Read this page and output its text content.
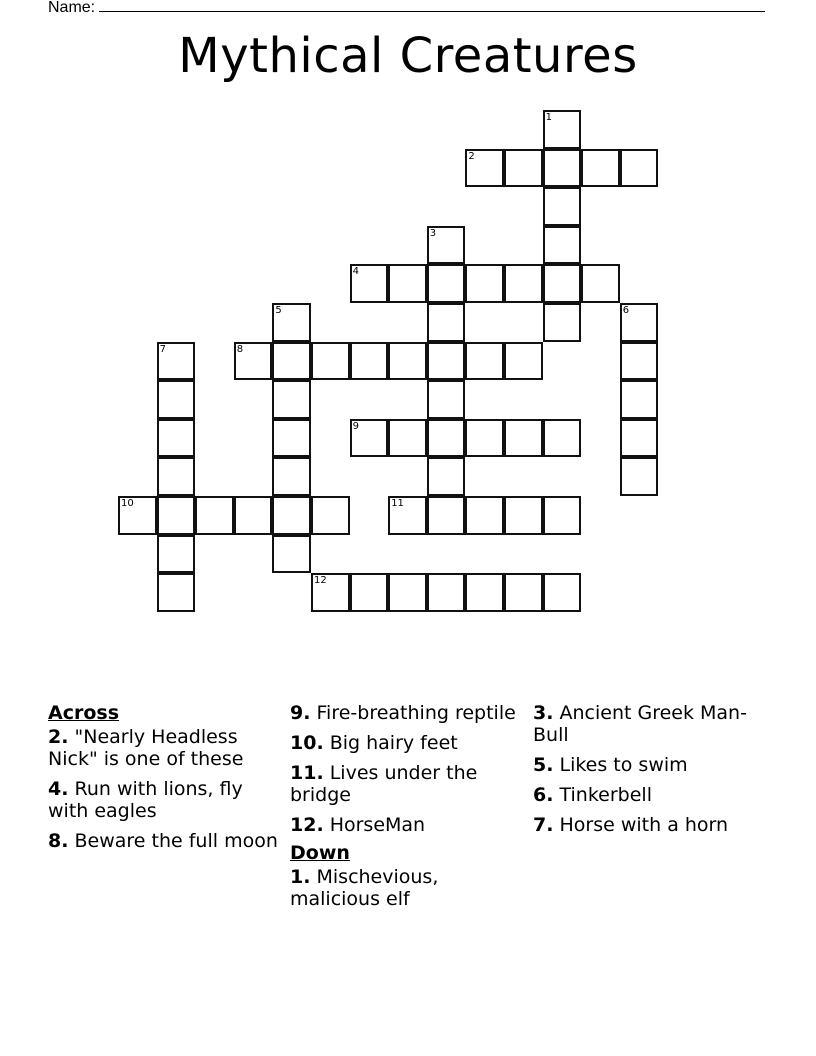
Name:
Mythical Creatures
1
2
3
4
5	6
7	8
9
10	11
12
Across
2. "Nearly Headless Nick" is one of these
4. Run with lions, fly with eagles
8. Beware the full moon
9. Fire-breathing reptile
10. Big hairy feet
11. Lives under the bridge
12. HorseMan
Down
1. Mischevious, malicious elf
3. Ancient Greek Man-Bull
5. Likes to swim
6. Tinkerbell
7. Horse with a horn
